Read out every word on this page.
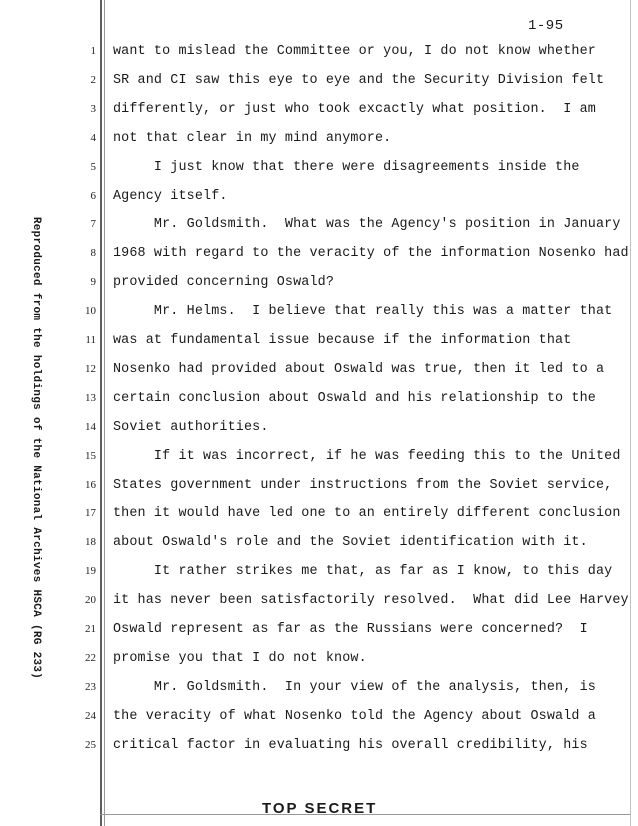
1-95
Reproduced from the holdings of the National Archives HSCA (RG 233)
1 want to mislead the Committee or you, I do not know whether
2 SR and CI saw this eye to eye and the Security Division felt
3 differently, or just who took excactly what position.  I am
4 not that clear in my mind anymore.
5 I just know that there were disagreements inside the
6 Agency itself.
7 Mr. Goldsmith.  What was the Agency's position in January
8 1968 with regard to the veracity of the information Nosenko had
9 provided concerning Oswald?
10 Mr. Helms.  I believe that really this was a matter that
11 was at fundamental issue because if the information that
12 Nosenko had provided about Oswald was true, then it led to a
13 certain conclusion about Oswald and his relationship to the
14 Soviet authorities.
15 If it was incorrect, if he was feeding this to the United
16 States government under instructions from the Soviet service,
17 then it would have led one to an entirely different conclusion
18 about Oswald's role and the Soviet identification with it.
19 It rather strikes me that, as far as I know, to this day
20 it has never been satisfactorily resolved.  What did Lee Harvey
21 Oswald represent as far as the Russians were concerned?  I
22 promise you that I do not know.
23 Mr. Goldsmith.  In your view of the analysis, then, is
24 the veracity of what Nosenko told the Agency about Oswald a
25 critical factor in evaluating his overall credibility, his
TOP SECRET
